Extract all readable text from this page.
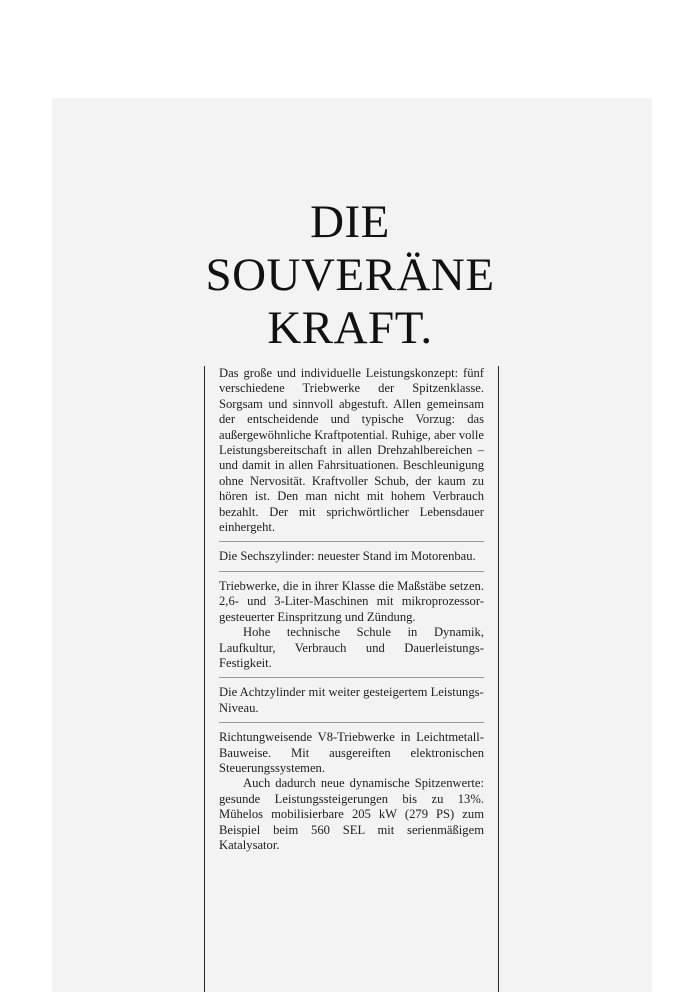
DIE
SOUVERÄNE
KRAFT.

Das große und individuelle Leistungskonzept: fünf verschiedene Triebwerke der Spitzenklasse. Sorgsam und sinnvoll abgestuft. Allen gemeinsam der entscheidende und typische Vorzug: das außergewöhnliche Kraftpotential. Ruhige, aber volle Leistungsbereitschaft in allen Drehzahlbereichen – und damit in allen Fahrsituationen. Beschleunigung ohne Nervosität. Kraftvoller Schub, der kaum zu hören ist. Den man nicht mit hohem Verbrauch bezahlt. Der mit sprichwörtlicher Lebensdauer einhergeht.

Die Sechszylinder: neuester Stand im Motorenbau.

Triebwerke, die in ihrer Klasse die Maßstäbe setzen. 2,6- und 3-Liter-Maschinen mit mikroprozessor-gesteuerter Einspritzung und Zündung.

Hohe technische Schule in Dynamik, Laufkultur, Verbrauch und Dauerleistungs-Festigkeit.

Die Achtzylinder mit weiter gesteigertem Leistungs-Niveau.

Richtungweisende V8-Triebwerke in Leichtmetall-Bauweise. Mit ausgereiften elektronischen Steuerungssystemen.

Auch dadurch neue dynamische Spitzenwerte: gesunde Leistungssteigerungen bis zu 13%. Mühelos mobilisierbare 205 kW (279 PS) zum Beispiel beim 560 SEL mit serienmäßigem Katalysator.
